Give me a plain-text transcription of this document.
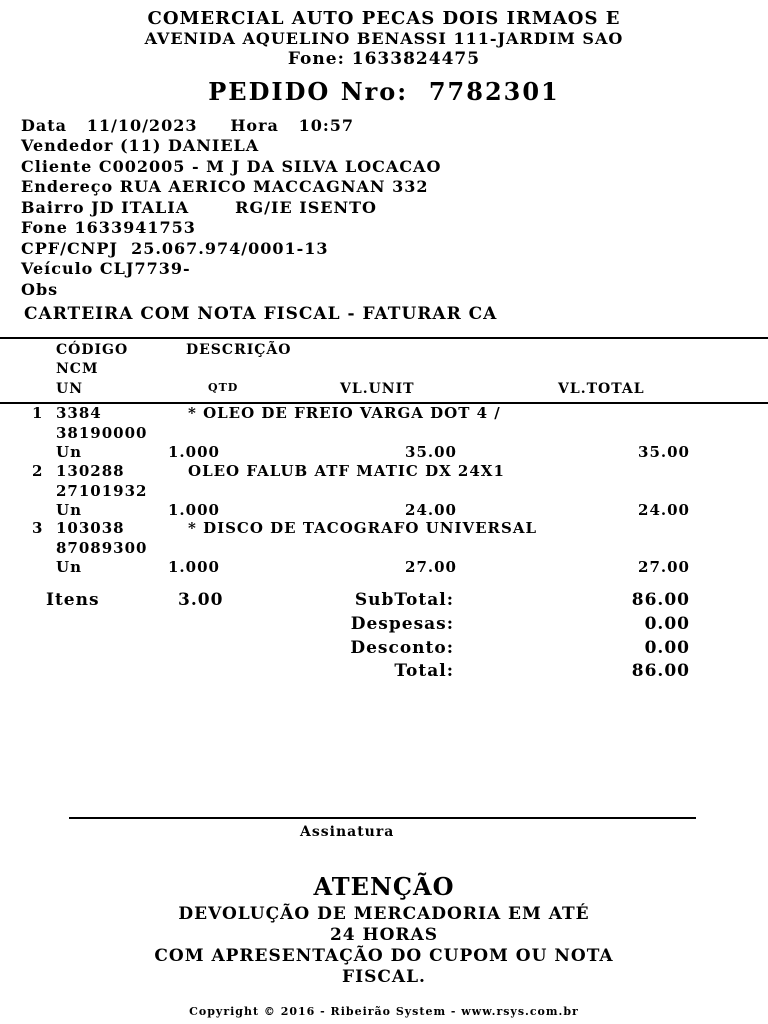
COMERCIAL AUTO PECAS DOIS IRMAOS E
AVENIDA AQUELINO BENASSI 111-JARDIM SAO
Fone: 1633824475
PEDIDO Nro:  7782301
Data   11/10/2023     Hora   10:57
Vendedor (11) DANIELA
Cliente C002005 - M J DA SILVA LOCACAO
Endereço RUA AERICO MACCAGNAN 332
Bairro JD ITALIA       RG/IE ISENTO
Fone 1633941753
CPF/CNPJ  25.067.974/0001-13
Veículo CLJ7739-
Obs
CARTEIRA COM NOTA FISCAL - FATURAR CA
CÓDIGO	DESCRIÇÃO
NCM
UN	QTD	VL.UNIT	VL.TOTAL
1 3384	* OLEO DE FREIO VARGA DOT 4 /
38190000
Un	1.000	35.00	35.00
2 130288	OLEO FALUB ATF MATIC DX 24X1
27101932
Un	1.000	24.00	24.00
3 103038	* DISCO DE TACOGRAFO UNIVERSAL
87089300
Un	1.000	27.00	27.00
Itens	3.00	SubTotal:	86.00
Despesas:	0.00
Desconto:	0.00
Total:	86.00
Assinatura
ATENÇÃO
DEVOLUÇÃO DE MERCADORIA EM ATÉ
24 HORAS
COM APRESENTAÇÃO DO CUPOM OU NOTA
FISCAL.
Copyright © 2016 - Ribeirão System - www.rsys.com.br
